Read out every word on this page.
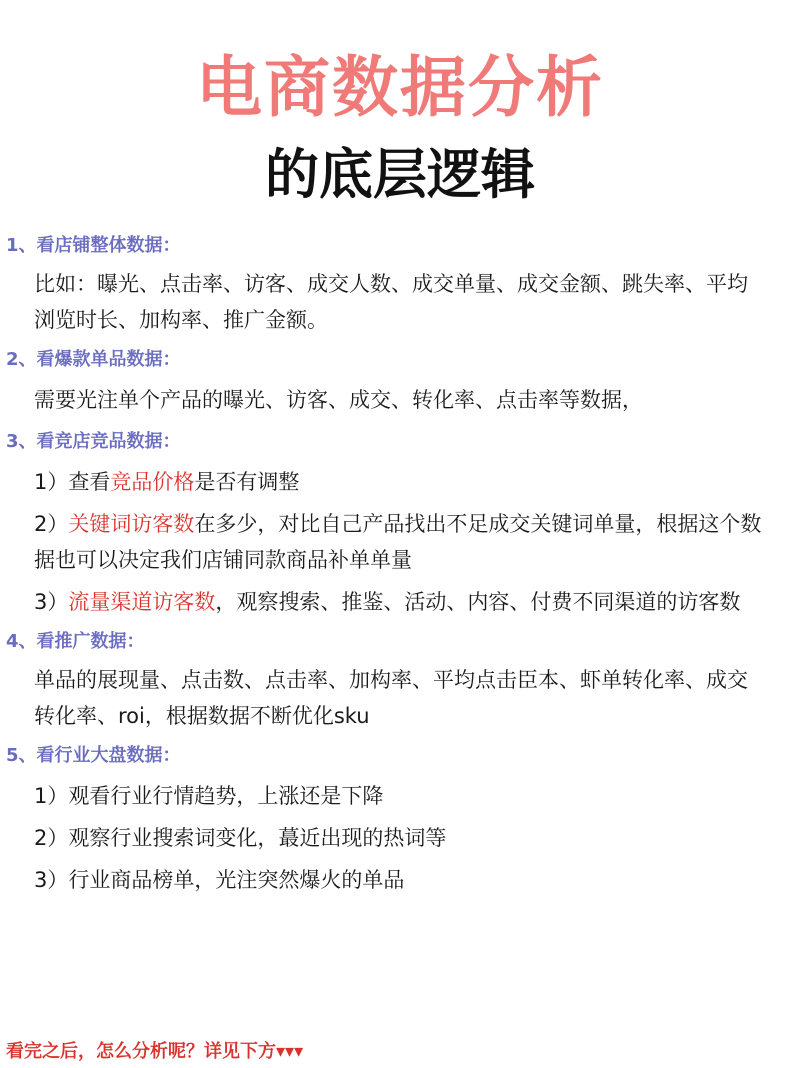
电商数据分析
的底层逻辑
1、看店铺整体数据：
比如：曝光、点击率、访客、成交人数、成交单量、成交金额、跳失率、平均浏览时长、加构率、推广金额。
2、看爆款单品数据：
需要光注单个产品的曝光、访客、成交、转化率、点击率等数据，
3、看竞店竞品数据：
1）查看竞品价格是否有调整
2）关键词访客数在多少，对比自己产品找出不足成交关键词单量，根据这个数据也可以决定我们店铺同款商品补单单量
3）流量渠道访客数，观察搜索、推鉴、活动、内容、付费不同渠道的访客数
4、看推广数据：
单品的展现量、点击数、点击率、加构率、平均点击臣本、虾单转化率、成交转化率、roi，根据数据不断优化sku
5、看行业大盘数据：
1）观看行业行情趋势，上涨还是下降
2）观察行业搜索词变化，蕞近出现的热词等
3）行业商品榜单，光注突然爆火的单品
看完之后，怎么分析呢？详见下方▾▾▾
